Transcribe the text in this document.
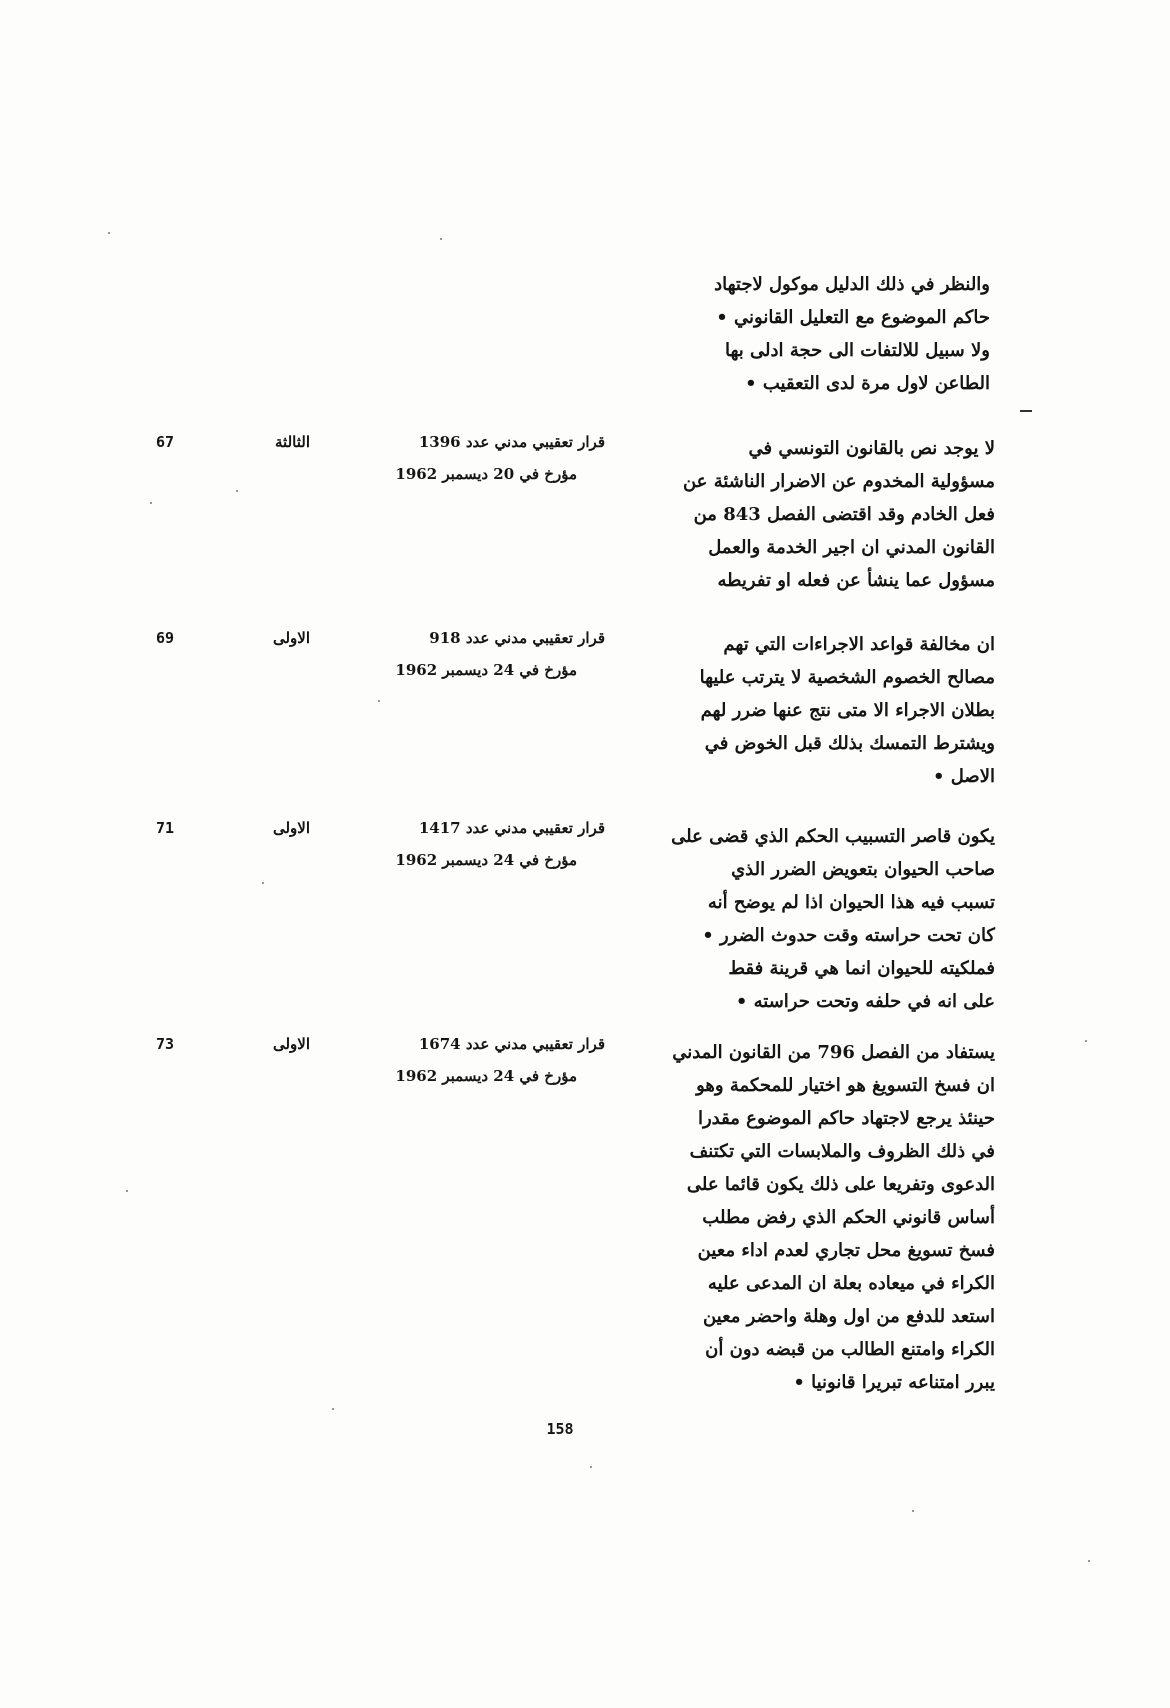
والنظر في ذلك الدليل موكول لاجتهاد
حاكم الموضوع مع التعليل القانوني •
ولا سبيل للالتفات الى حجة ادلى بها
الطاعن لاول مرة لدى التعقيب •
لا يوجد نص بالقانون التونسي في
مسؤولية المخدوم عن الاضرار الناشئة عن
فعل الخادم وقد اقتضى الفصل 843 من
القانون المدني ان اجير الخدمة والعمل
مسؤول عما ينشأ عن فعله او تفريطه
قرار تعقيبي مدني عدد 1396
مؤرخ في 20 ديسمبر 1962
الثالثة
67
ان مخالفة قواعد الاجراءات التي تهم
مصالح الخصوم الشخصية لا يترتب عليها
بطلان الاجراء الا متى نتج عنها ضرر لهم
ويشترط التمسك بذلك قبل الخوض في
الاصل •
قرار تعقيبي مدني عدد 918
مؤرخ في 24 ديسمبر 1962
الاولى
69
يكون قاصر التسبيب الحكم الذي قضى على
صاحب الحيوان بتعويض الضرر الذي
تسبب فيه هذا الحيوان اذا لم يوضح أنه
كان تحت حراسته وقت حدوث الضرر •
فملكيته للحيوان انما هي قرينة فقط
على انه في حلفه وتحت حراسته •
قرار تعقيبي مدني عدد 1417
مؤرخ في 24 ديسمبر 1962
الاولى
71
يستفاد من الفصل 796 من القانون المدني
ان فسخ التسويغ هو اختيار للمحكمة وهو
حينئذ يرجع لاجتهاد حاكم الموضوع مقدرا
في ذلك الظروف والملابسات التي تكتنف
الدعوى وتفريعا على ذلك يكون قائما على
أساس قانوني الحكم الذي رفض مطلب
فسخ تسويغ محل تجاري لعدم اداء معين
الكراء في ميعاده بعلة ان المدعى عليه
استعد للدفع من اول وهلة واحضر معين
الكراء وامتنع الطالب من قبضه دون أن
يبرر امتناعه تبريرا قانونيا •
قرار تعقيبي مدني عدد 1674
مؤرخ في 24 ديسمبر 1962
الاولى
73
158
